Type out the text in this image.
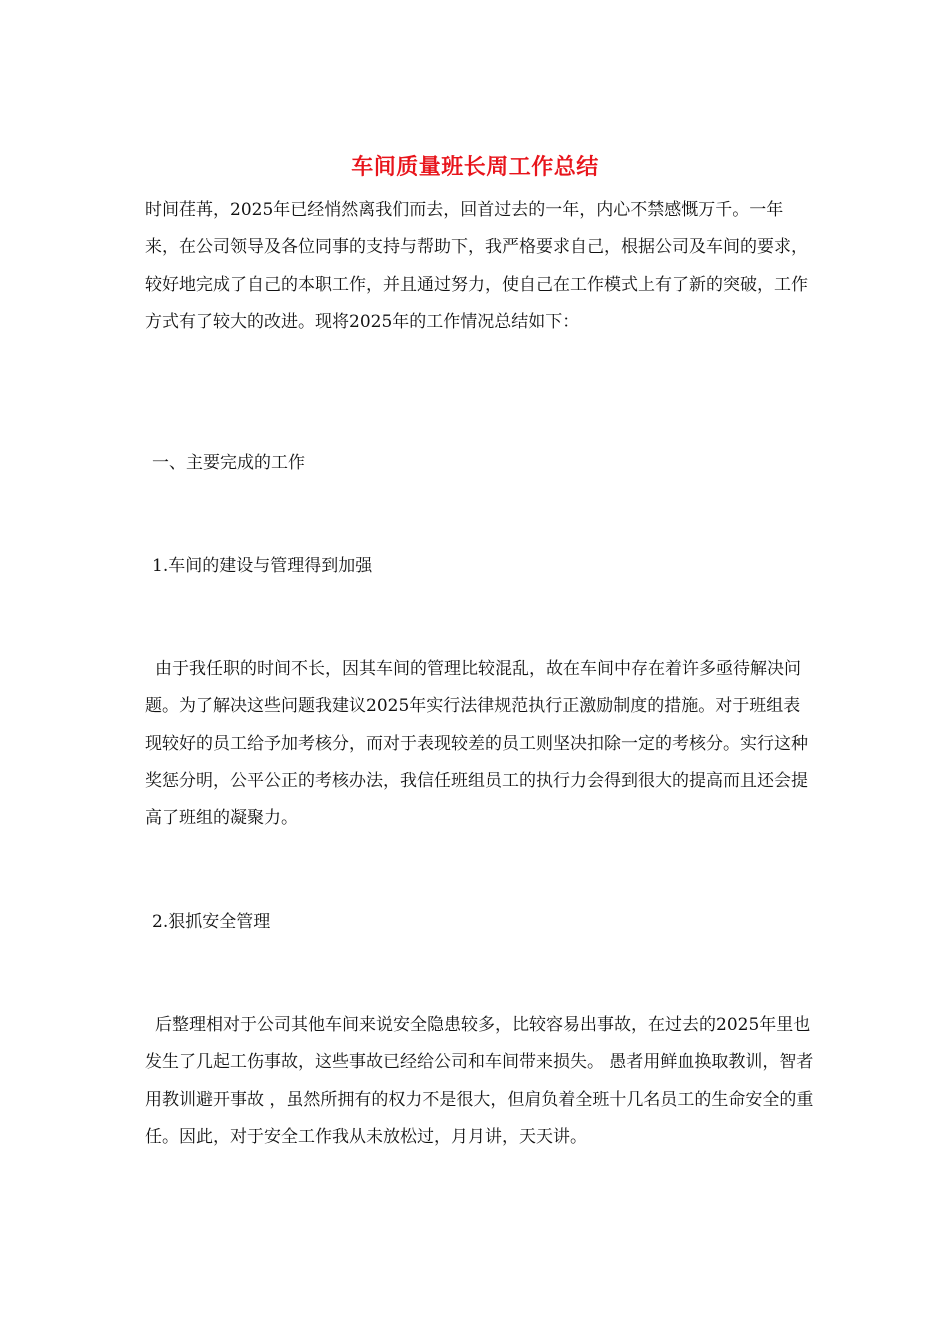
车间质量班长周工作总结

时间荏苒，2025年已经悄然离我们而去，回首过去的一年，内心不禁感慨万千。一年来，在公司领导及各位同事的支持与帮助下，我严格要求自己，根据公司及车间的要求，较好地完成了自己的本职工作，并且通过努力，使自己在工作模式上有了新的突破，工作方式有了较大的改进。现将2025年的工作情况总结如下：

一、主要完成的工作

1.车间的建设与管理得到加强

由于我任职的时间不长，因其车间的管理比较混乱，故在车间中存在着许多亟待解决问题。为了解决这些问题我建议2025年实行法律规范执行正激励制度的措施。对于班组表现较好的员工给予加考核分，而对于表现较差的员工则坚决扣除一定的考核分。实行这种奖惩分明，公平公正的考核办法，我信任班组员工的执行力会得到很大的提高而且还会提高了班组的凝聚力。

2.狠抓安全管理

后整理相对于公司其他车间来说安全隐患较多，比较容易出事故，在过去的2025年里也发生了几起工伤事故，这些事故已经给公司和车间带来损失。 愚者用鲜血换取教训，智者用教训避开事故 ，虽然所拥有的权力不是很大，但肩负着全班十几名员工的生命安全的重任。因此，对于安全工作我从未放松过，月月讲，天天讲。
